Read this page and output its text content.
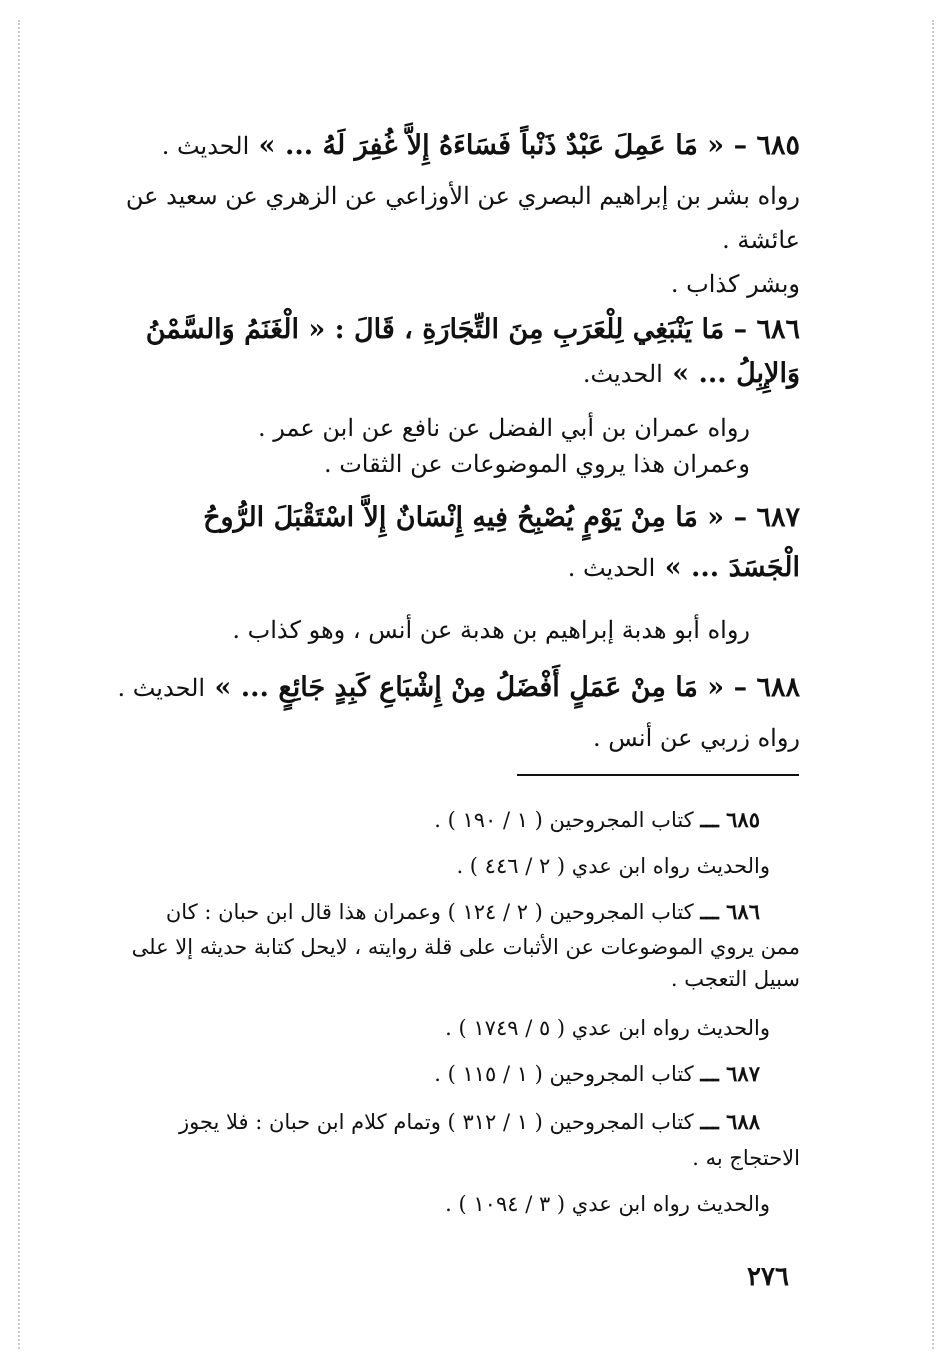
٦٨٥ – « مَا عَمِلَ عَبْدٌ ذَنْباً فَسَاءَهُ إِلاَّ غُفِرَ لَهُ ... » الحديث .
رواه بشر بن إبراهيم البصري عن الأوزاعي عن الزهري عن سعيد عن
عائشة .
وبشر كذاب .
٦٨٦ – مَا يَنْبَغِي لِلْعَرَبِ مِنَ التِّجَارَةِ ، قَالَ : « الْغَنَمُ وَالسَّمْنُ
وَالإِبِلُ ... » الحديث.
رواه عمران بن أبي الفضل عن نافع عن ابن عمر .
وعمران هذا يروي الموضوعات عن الثقات .
٦٨٧ – « مَا مِنْ يَوْمٍ يُصْبِحُ فِيهِ إِنْسَانٌ إِلاَّ اسْتَقْبَلَ الرُّوحُ
الْجَسَدَ ... » الحديث .
رواه أبو هدبة إبراهيم بن هدبة عن أنس ، وهو كذاب .
٦٨٨ – « مَا مِنْ عَمَلٍ أَفْضَلُ مِنْ إِشْبَاعِ كَبِدٍ جَائِعٍ ... » الحديث .
رواه زربي عن أنس .
٦٨٥ ـــ كتاب المجروحين ( ١ / ١٩٠ ) .
والحديث رواه ابن عدي ( ٢ / ٤٤٦ ) .
٦٨٦ ـــ كتاب المجروحين ( ٢ / ١٢٤ ) وعمران هذا قال ابن حبان : كان
ممن يروي الموضوعات عن الأثبات على قلة روايته ، لايحل كتابة حديثه إلا على
سبيل التعجب .
والحديث رواه ابن عدي ( ٥ / ١٧٤٩ ) .
٦٨٧ ـــ كتاب المجروحين ( ١ / ١١٥ ) .
٦٨٨ ـــ كتاب المجروحين ( ١ / ٣١٢ ) وتمام كلام ابن حبان : فلا يجوز
الاحتجاج به .
والحديث رواه ابن عدي ( ٣ / ١٠٩٤ ) .
٢٧٦
